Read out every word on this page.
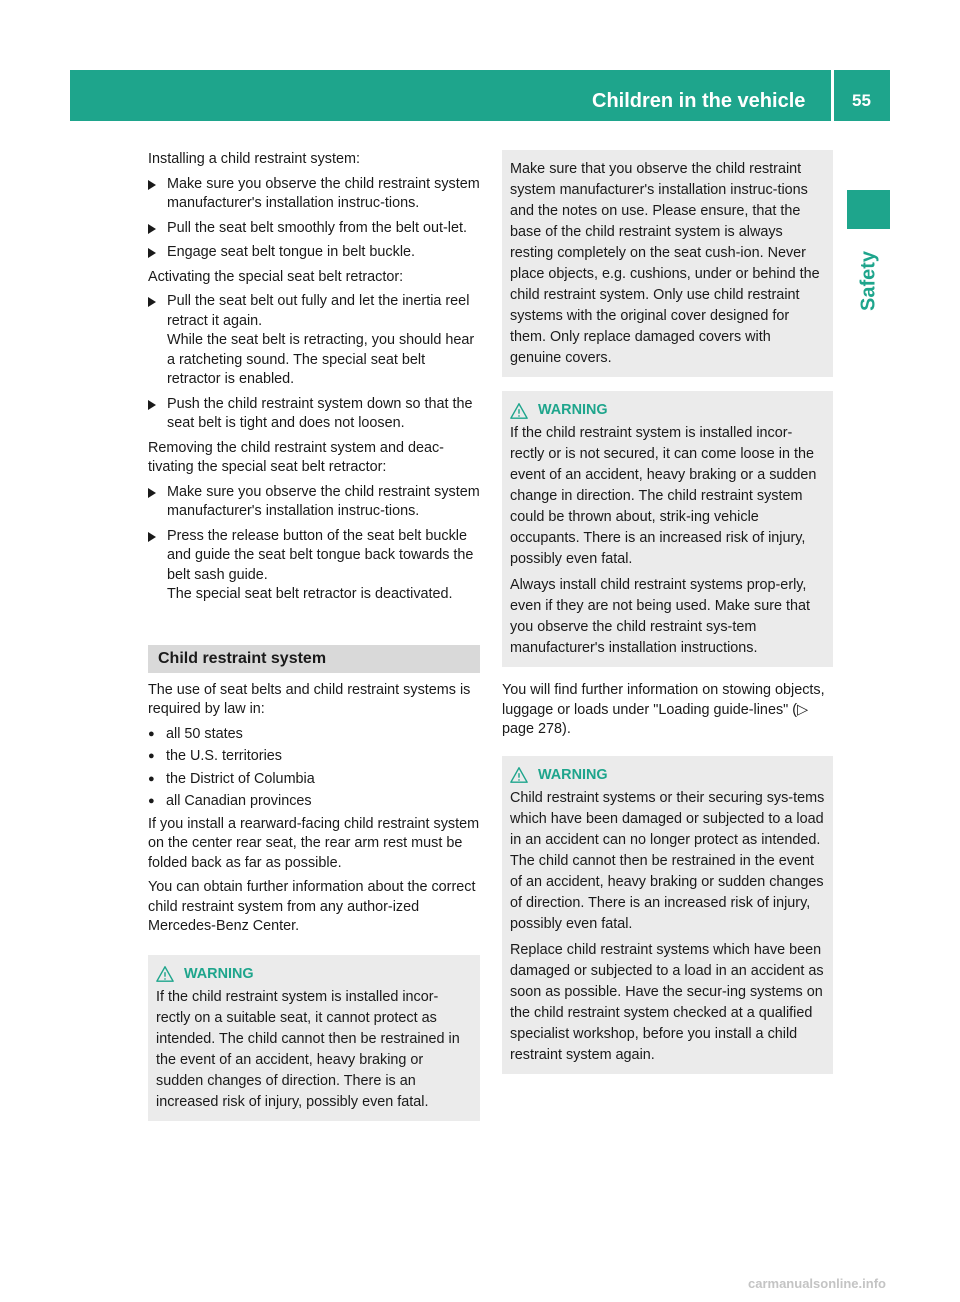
Children in the vehicle	55
Safety

Installing a child restraint system:

Make sure you observe the child restraint system manufacturer's installation instruc-tions.
Pull the seat belt smoothly from the belt out-let.
Engage seat belt tongue in belt buckle.

Activating the special seat belt retractor:

Pull the seat belt out fully and let the inertia reel retract it again.
While the seat belt is retracting, you should hear a ratcheting sound. The special seat belt retractor is enabled.
Push the child restraint system down so that the seat belt is tight and does not loosen.

Removing the child restraint system and deac-tivating the special seat belt retractor:

Make sure you observe the child restraint system manufacturer's installation instruc-tions.
Press the release button of the seat belt buckle and guide the seat belt tongue back towards the belt sash guide.
The special seat belt retractor is deactivated.
Child restraint system

The use of seat belts and child restraint systems is required by law in:

● all 50 states
● the U.S. territories
● the District of Columbia
● all Canadian provinces

If you install a rearward-facing child restraint system on the center rear seat, the rear arm rest must be folded back as far as possible.

You can obtain further information about the correct child restraint system from any author-ized Mercedes-Benz Center.

WARNING

If the child restraint system is installed incor-rectly on a suitable seat, it cannot protect as intended. The child cannot then be restrained in the event of an accident, heavy braking or sudden changes of direction. There is an increased risk of injury, possibly even fatal.

Make sure that you observe the child restraint system manufacturer's installation instruc-tions and the notes on use. Please ensure, that the base of the child restraint system is always resting completely on the seat cush-ion. Never place objects, e.g. cushions, under or behind the child restraint system. Only use child restraint systems with the original cover designed for them. Only replace damaged covers with genuine covers.

WARNING

If the child restraint system is installed incor-rectly or is not secured, it can come loose in the event of an accident, heavy braking or a sudden change in direction. The child restraint system could be thrown about, strik-ing vehicle occupants. There is an increased risk of injury, possibly even fatal.

Always install child restraint systems prop-erly, even if they are not being used. Make sure that you observe the child restraint sys-tem manufacturer's installation instructions.

You will find further information on stowing objects, luggage or loads under "Loading guide-lines" (▷ page 278).

WARNING

Child restraint systems or their securing sys-tems which have been damaged or subjected to a load in an accident can no longer protect as intended. The child cannot then be restrained in the event of an accident, heavy braking or sudden changes of direction. There is an increased risk of injury, possibly even fatal.

Replace child restraint systems which have been damaged or subjected to a load in an accident as soon as possible. Have the secur-ing systems on the child restraint system checked at a qualified specialist workshop, before you install a child restraint system again.

carmanualsonline.info
